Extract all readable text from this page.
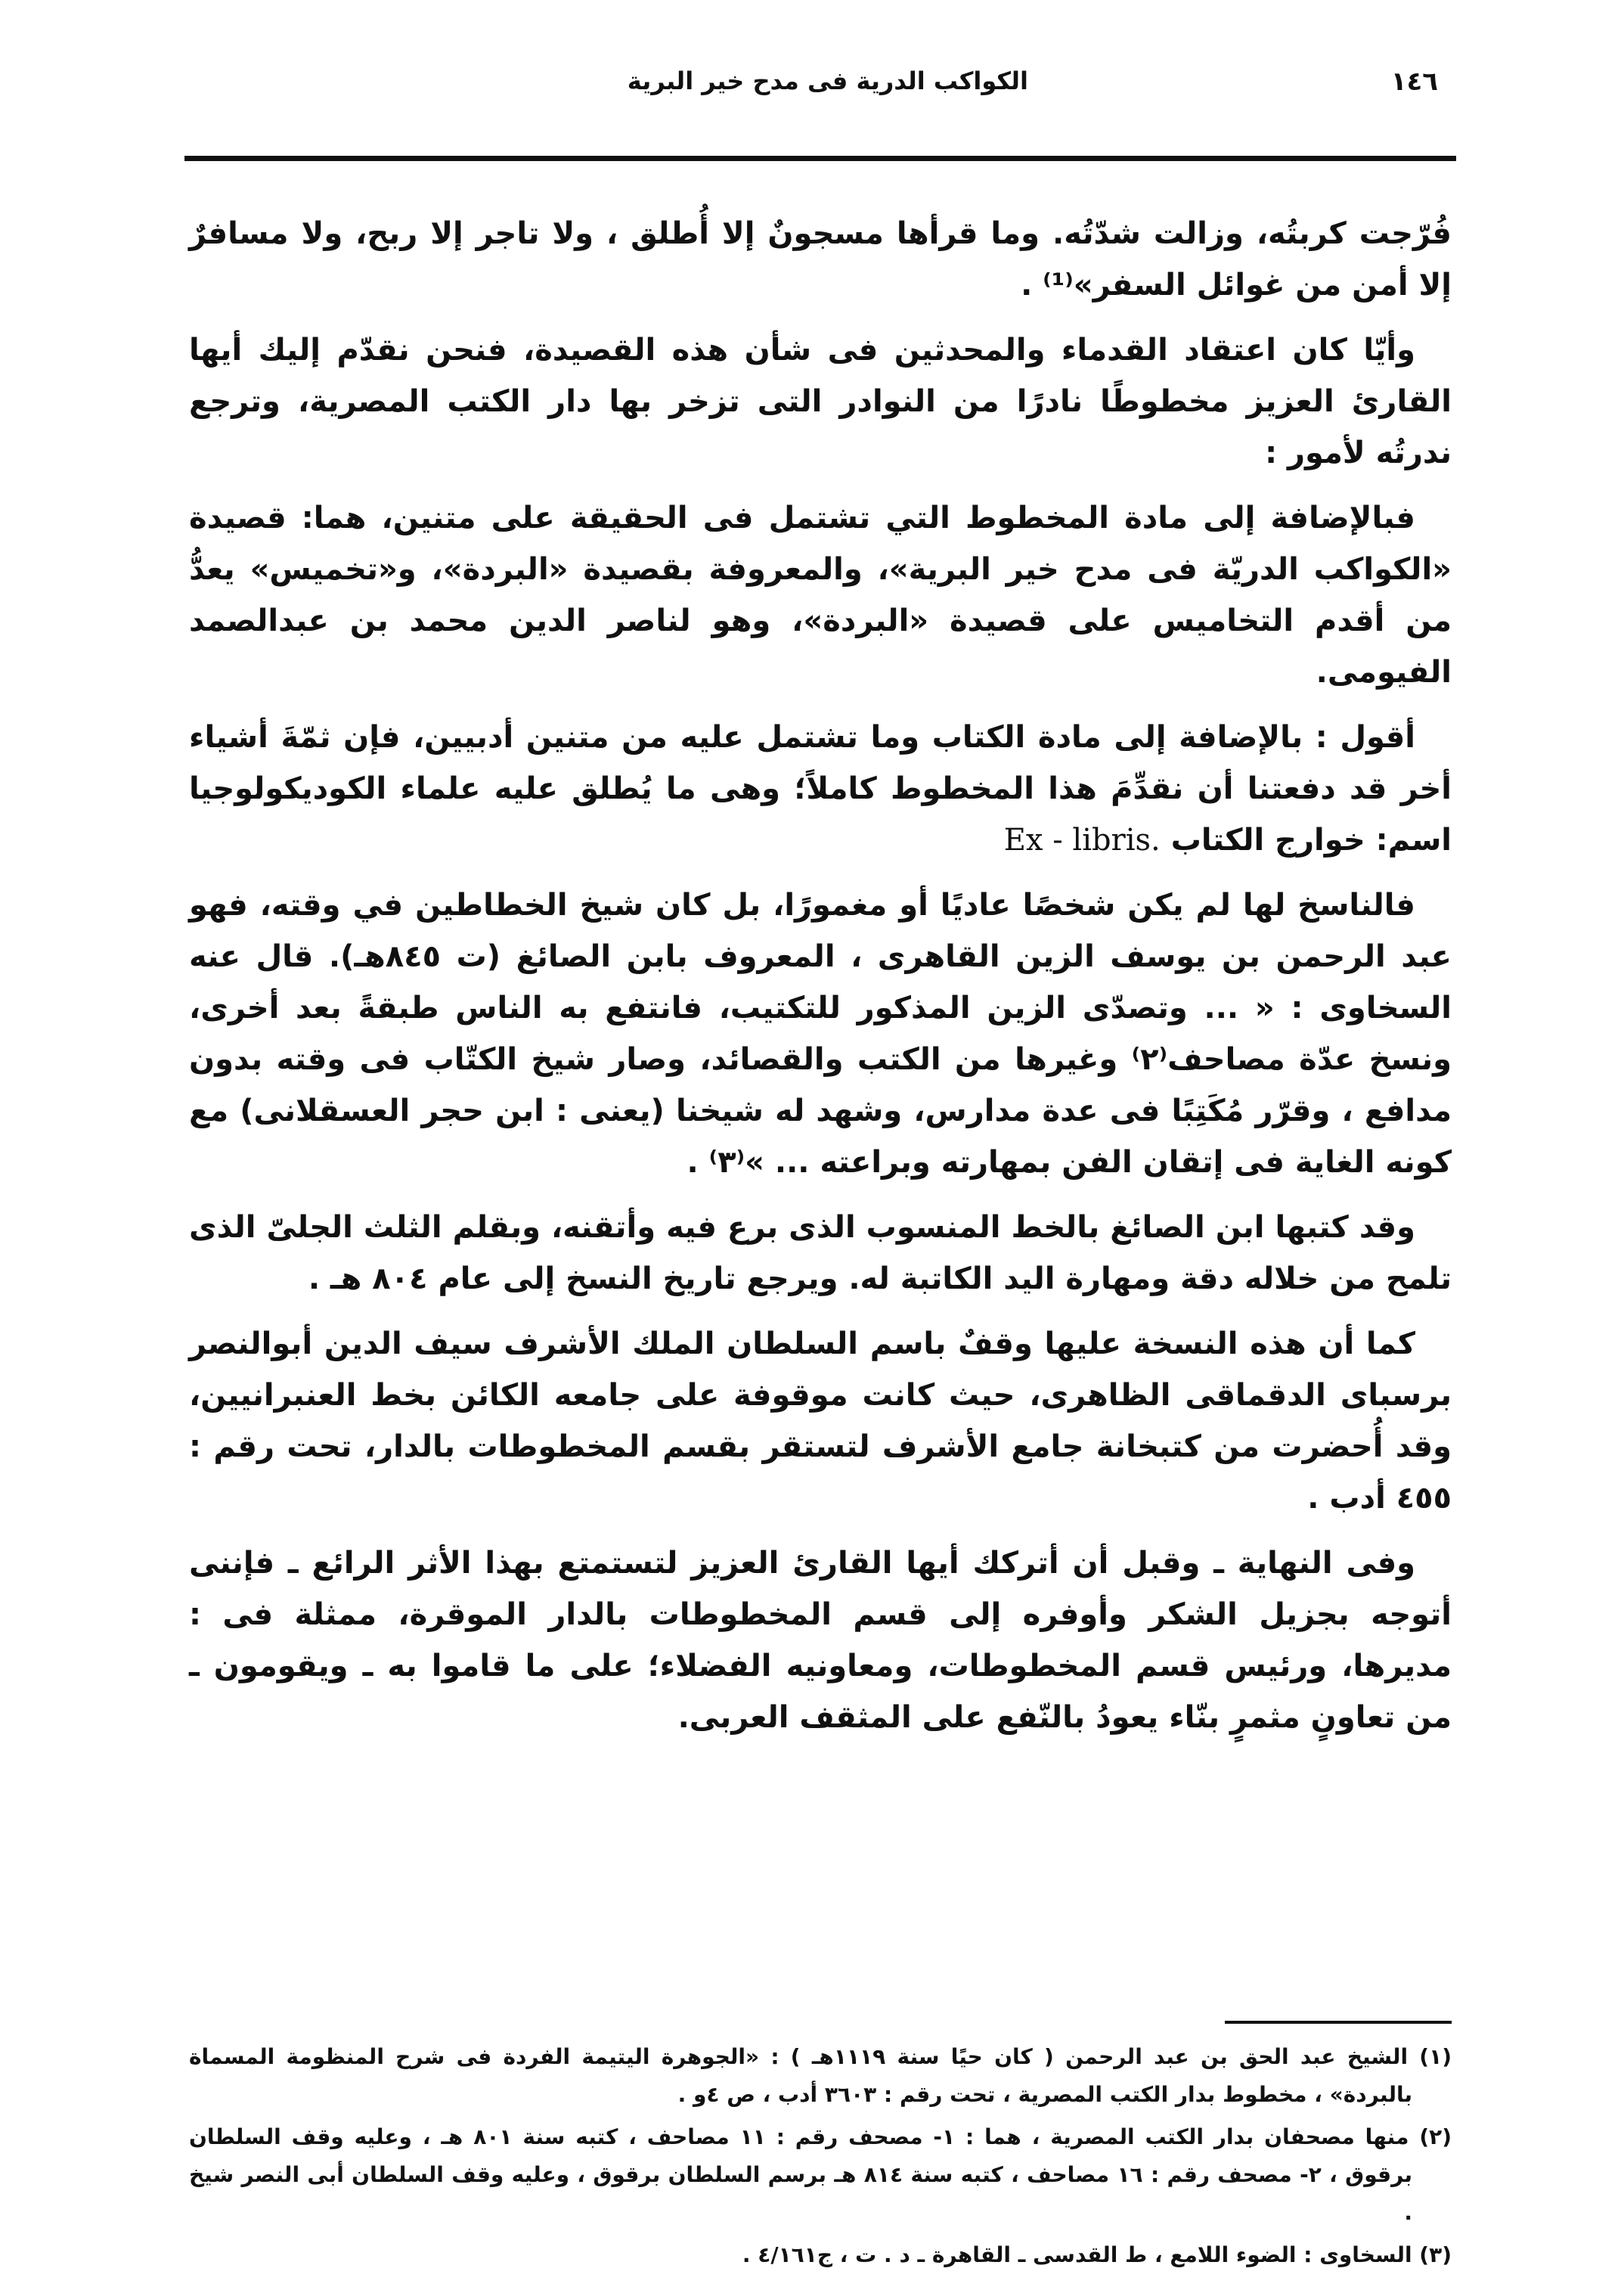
١٤٦
الكواكب الدرية فى مدح خير البرية

فُرّجت كربتُه، وزالت شدّتُه. وما قرأها مسجونٌ إلا أُطلق ، ولا تاجر إلا ربح، ولا مسافرٌ إلا أمن من غوائل السفر»⁽¹⁾ .

وأيّا كان اعتقاد القدماء والمحدثين فى شأن هذه القصيدة، فنحن نقدّم إليك أيها القارئ العزيز مخطوطًا نادرًا من النوادر التى تزخر بها دار الكتب المصرية، وترجع ندرتُه لأمور :

فبالإضافة إلى مادة المخطوط التي تشتمل فى الحقيقة على متنين، هما: قصيدة «الكواكب الدريّة فى مدح خير البرية»، والمعروفة بقصيدة «البردة»، و«تخميس» يعدُّ من أقدم التخاميس على قصيدة «البردة»، وهو لناصر الدين محمد بن عبدالصمد الفيومى.

أقول : بالإضافة إلى مادة الكتاب وما تشتمل عليه من متنين أدبيين، فإن ثمّةَ أشياء أخر قد دفعتنا أن نقدِّمَ هذا المخطوط كاملاً؛ وهى ما يُطلق عليه علماء الكوديكولوجيا اسم: خوارج الكتاب Ex - libris.

فالناسخ لها لم يكن شخصًا عاديًا أو مغمورًا، بل كان شيخ الخطاطين في وقته، فهو عبد الرحمن بن يوسف الزين القاهرى ، المعروف بابن الصائغ (ت ٨٤٥هـ). قال عنه السخاوى : « ... وتصدّى الزين المذكور للتكتيب، فانتفع به الناس طبقةً بعد أخرى، ونسخ عدّة مصاحف⁽٢⁾ وغيرها من الكتب والقصائد، وصار شيخ الكتّاب فى وقته بدون مدافع ، وقرّر مُكَتِبًا فى عدة مدارس، وشهد له شيخنا (يعنى : ابن حجر العسقلانى) مع كونه الغاية فى إتقان الفن بمهارته وبراعته ... »⁽٣⁾ .

وقد كتبها ابن الصائغ بالخط المنسوب الذى برع فيه وأتقنه، وبقلم الثلث الجلىّ الذى تلمح من خلاله دقة ومهارة اليد الكاتبة له. ويرجع تاريخ النسخ إلى عام ٨٠٤ هـ .

كما أن هذه النسخة عليها وقفٌ باسم السلطان الملك الأشرف سيف الدين أبوالنصر برسباى الدقماقى الظاهرى، حيث كانت موقوفة على جامعه الكائن بخط العنبرانيين، وقد أُحضرت من كتبخانة جامع الأشرف لتستقر بقسم المخطوطات بالدار، تحت رقم : ٤٥٥ أدب .

وفى النهاية ـ وقبل أن أتركك أيها القارئ العزيز لتستمتع بهذا الأثر الرائع ـ فإننى أتوجه بجزيل الشكر وأوفره إلى قسم المخطوطات بالدار الموقرة، ممثلة فى : مديرها، ورئيس قسم المخطوطات، ومعاونيه الفضلاء؛ على ما قاموا به ـ ويقومون ـ من تعاونٍ مثمرٍ بنّاء يعودُ بالنّفع على المثقف العربى.

(١) الشيخ عبد الحق بن عبد الرحمن ( كان حيًا سنة ١١١٩هـ ) : «الجوهرة اليتيمة الفردة فى شرح المنظومة المسماة بالبردة» ، مخطوط بدار الكتب المصرية ، تحت رقم : ٣٦٠٣ أدب ، ص ٤و .

(٢) منها مصحفان بدار الكتب المصرية ، هما : ١- مصحف رقم : ١١ مصاحف ، كتبه سنة ٨٠١ هـ ، وعليه وقف السلطان برقوق ، ٢- مصحف رقم : ١٦ مصاحف ، كتبه سنة ٨١٤ هـ برسم السلطان برقوق ، وعليه وقف السلطان أبى النصر شيخ .

(٣) السخاوى : الضوء اللامع ، ط القدسى ـ القاهرة ـ د . ت ، ج٤/١٦١ .
